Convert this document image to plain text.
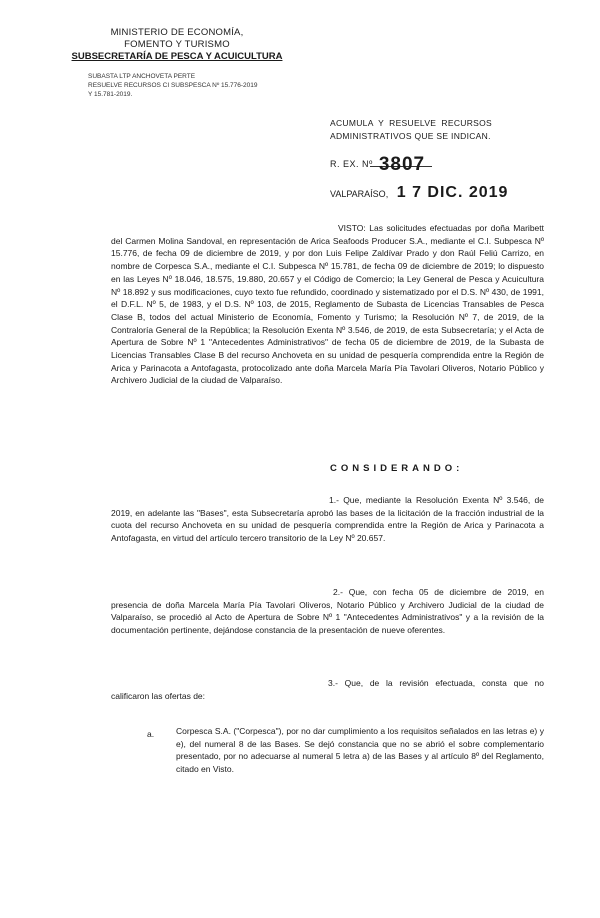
MINISTERIO DE ECONOMÍA,
FOMENTO Y TURISMO
SUBSECRETARÍA DE PESCA Y ACUICULTURA
SUBASTA LTP ANCHOVETA PERTE
RESUELVE RECURSOS CI SUBSPESCA Nº 15.776-2019
Y 15.781-2019.
ACUMULA Y RESUELVE RECURSOS ADMINISTRATIVOS QUE SE INDICAN.
R. EX. Nº 3807
VALPARAÍSO, 1 7 DIC. 2019
VISTO: Las solicitudes efectuadas por doña Maribett del Carmen Molina Sandoval, en representación de Arica Seafoods Producer S.A., mediante el C.I. Subpesca Nº 15.776, de fecha 09 de diciembre de 2019, y por don Luis Felipe Zaldívar Prado y don Raúl Feliú Carrizo, en nombre de Corpesca S.A., mediante el C.I. Subpesca Nº 15.781, de fecha 09 de diciembre de 2019; lo dispuesto en las Leyes Nº 18.046, 18.575, 19.880, 20.657 y el Código de Comercio; la Ley General de Pesca y Acuicultura Nº 18.892 y sus modificaciones, cuyo texto fue refundido, coordinado y sistematizado por el D.S. Nº 430, de 1991, el D.F.L. Nº 5, de 1983, y el D.S. Nº 103, de 2015, Reglamento de Subasta de Licencias Transables de Pesca Clase B, todos del actual Ministerio de Economía, Fomento y Turismo; la Resolución Nº 7, de 2019, de la Contraloría General de la República; la Resolución Exenta Nº 3.546, de 2019, de esta Subsecretaría; y el Acta de Apertura de Sobre Nº 1 "Antecedentes Administrativos" de fecha 05 de diciembre de 2019, de la Subasta de Licencias Transables Clase B del recurso Anchoveta en su unidad de pesquería comprendida entre la Región de Arica y Parinacota a Antofagasta, protocolizado ante doña Marcela María Pía Tavolari Oliveros, Notario Público y Archivero Judicial de la ciudad de Valparaíso.
CONSIDERANDO:
1.- Que, mediante la Resolución Exenta Nº 3.546, de 2019, en adelante las "Bases", esta Subsecretaría aprobó las bases de la licitación de la fracción industrial de la cuota del recurso Anchoveta en su unidad de pesquería comprendida entre la Región de Arica y Parinacota a Antofagasta, en virtud del artículo tercero transitorio de la Ley Nº 20.657.
2.- Que, con fecha 05 de diciembre de 2019, en presencia de doña Marcela María Pía Tavolari Oliveros, Notario Público y Archivero Judicial de la ciudad de Valparaíso, se procedió al Acto de Apertura de Sobre Nº 1 "Antecedentes Administrativos" y a la revisión de la documentación pertinente, dejándose constancia de la presentación de nueve oferentes.
3.- Que, de la revisión efectuada, consta que no calificaron las ofertas de:
a.	Corpesca S.A. ("Corpesca"), por no dar cumplimiento a los requisitos señalados en las letras e) y e), del numeral 8 de las Bases. Se dejó constancia que no se abrió el sobre complementario presentado, por no adecuarse al numeral 5 letra a) de las Bases y al artículo 8º del Reglamento, citado en Visto.
